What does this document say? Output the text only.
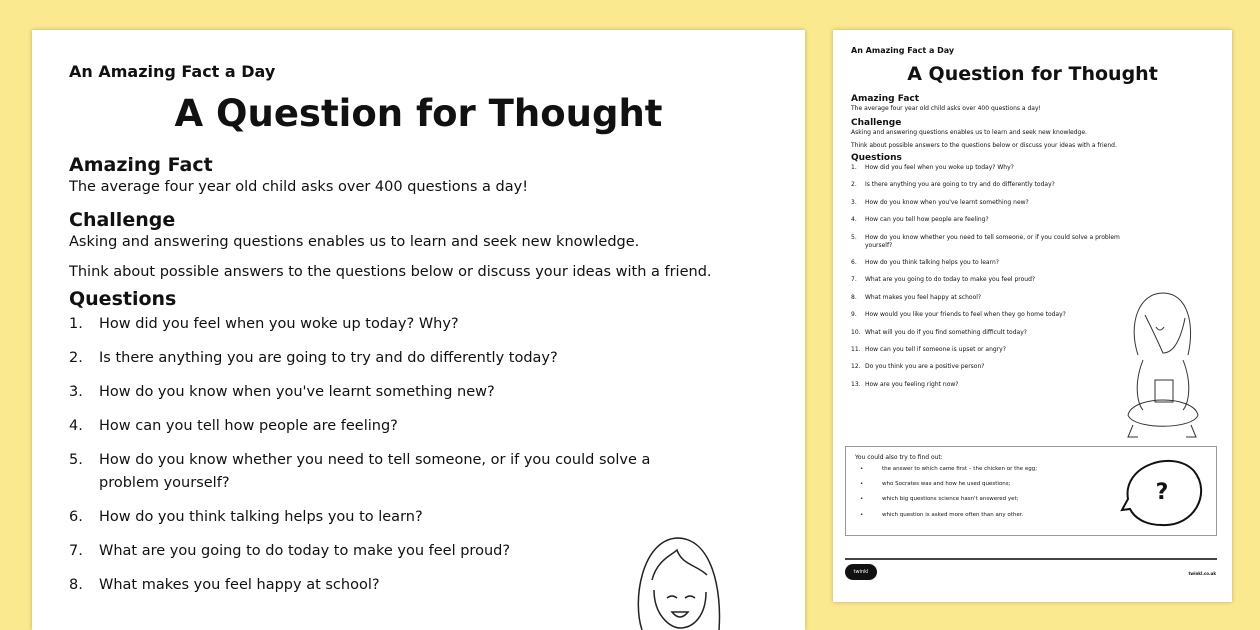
An Amazing Fact a Day
A Question for Thought
Amazing Fact

The average four year old child asks over 400 questions a day!

Challenge

Asking and answering questions enables us to learn and seek new knowledge.

Think about possible answers to the questions below or discuss your ideas with a friend.

Questions
1.	How did you feel when you woke up today? Why?
2.	Is there anything you are going to try and do differently today?
3.	How do you know when you've learnt something new?
4.	How can you tell how people are feeling?
5.	How do you know whether you need to tell someone, or if you could solve a problem yourself?
6.	How do you think talking helps you to learn?
7.	What are you going to do today to make you feel proud?
8.	What makes you feel happy at school?
An Amazing Fact a Day
A Question for Thought
Amazing Fact

The average four year old child asks over 400 questions a day!

Challenge

Asking and answering questions enables us to learn and seek new knowledge.

Think about possible answers to the questions below or discuss your ideas with a friend.

Questions
1.	How did you feel when you woke up today? Why?
2.	Is there anything you are going to try and do differently today?
3.	How do you know when you've learnt something new?
4.	How can you tell how people are feeling?
5.	How do you know whether you need to tell someone, or if you could solve a problem yourself?
6.	How do you think talking helps you to learn?
7.	What are you going to do today to make you feel proud?
8.	What makes you feel happy at school?
9.	How would you like your friends to feel when they go home today?
10. What will you do if you find something difficult today?
11. How can you tell if someone is upset or angry?
12. Do you think you are a positive person?
13. How are you feeling right now?
You could also try to find out:
• the answer to which came first – the chicken or the egg;
• who Socrates was and how he used questions;
• which big questions science hasn't answered yet;
• which question is asked more often than any other.
?
twinkl	twinkl.co.uk
